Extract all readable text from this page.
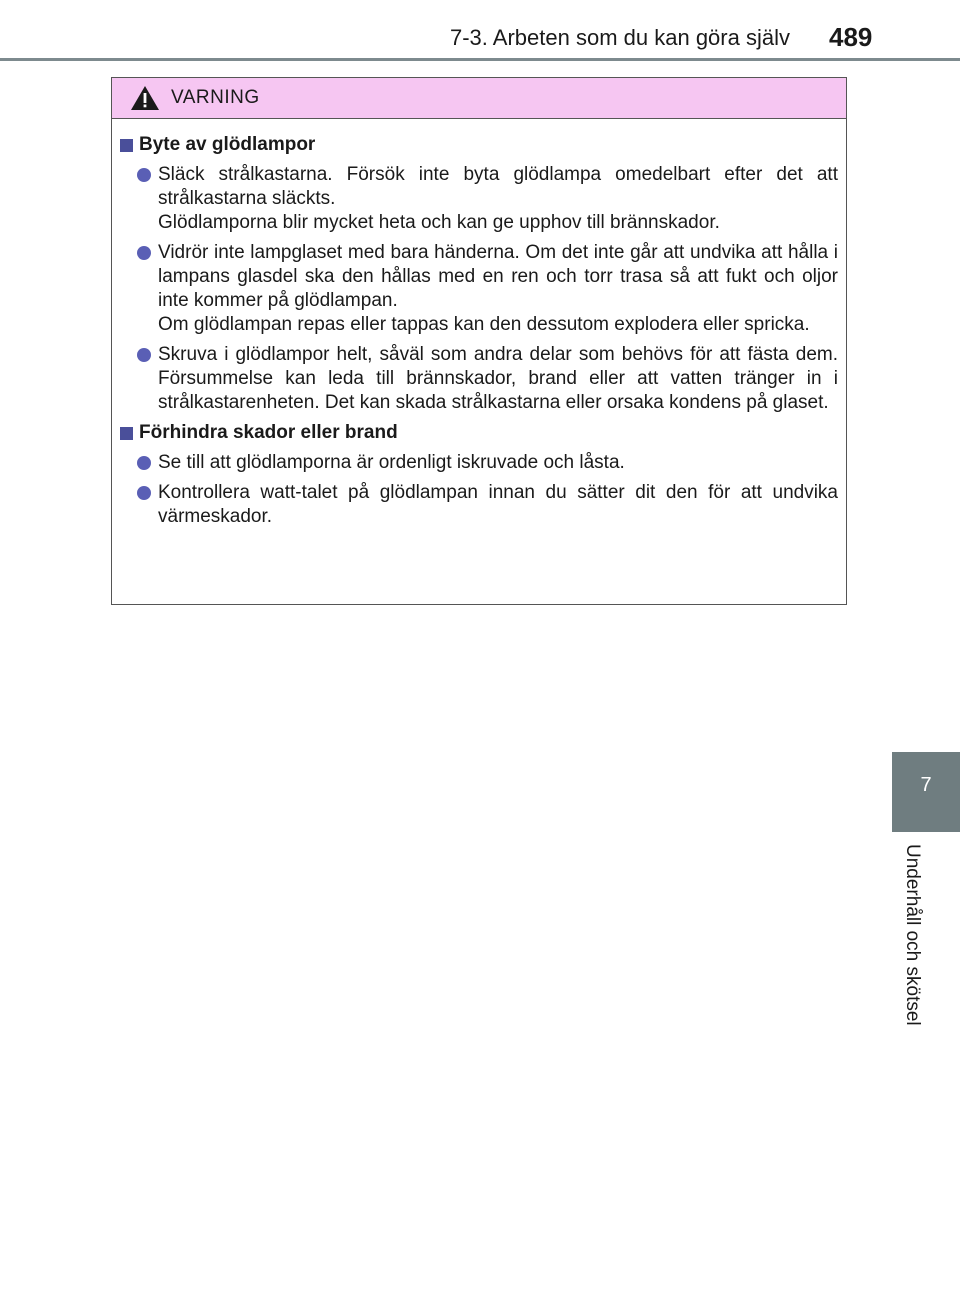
7-3. Arbeten som du kan göra själv 489
7
Underhåll och skötsel
VARNING
Byte av glödlampor
Släck strålkastarna. Försök inte byta glödlampa omedelbart efter det att strålkastarna släckts.
Glödlamporna blir mycket heta och kan ge upphov till brännskador.
Vidrör inte lampglaset med bara händerna. Om det inte går att undvika att hålla i lampans glasdel ska den hållas med en ren och torr trasa så att fukt och oljor inte kommer på glödlampan.
Om glödlampan repas eller tappas kan den dessutom explodera eller spricka.
Skruva i glödlampor helt, såväl som andra delar som behövs för att fästa dem. Försummelse kan leda till brännskador, brand eller att vatten tränger in i strålkastarenheten. Det kan skada strålkastarna eller orsaka kondens på glaset.
Förhindra skador eller brand
Se till att glödlamporna är ordenligt iskruvade och låsta.
Kontrollera watt-talet på glödlampan innan du sätter dit den för att undvika värmeskador.
